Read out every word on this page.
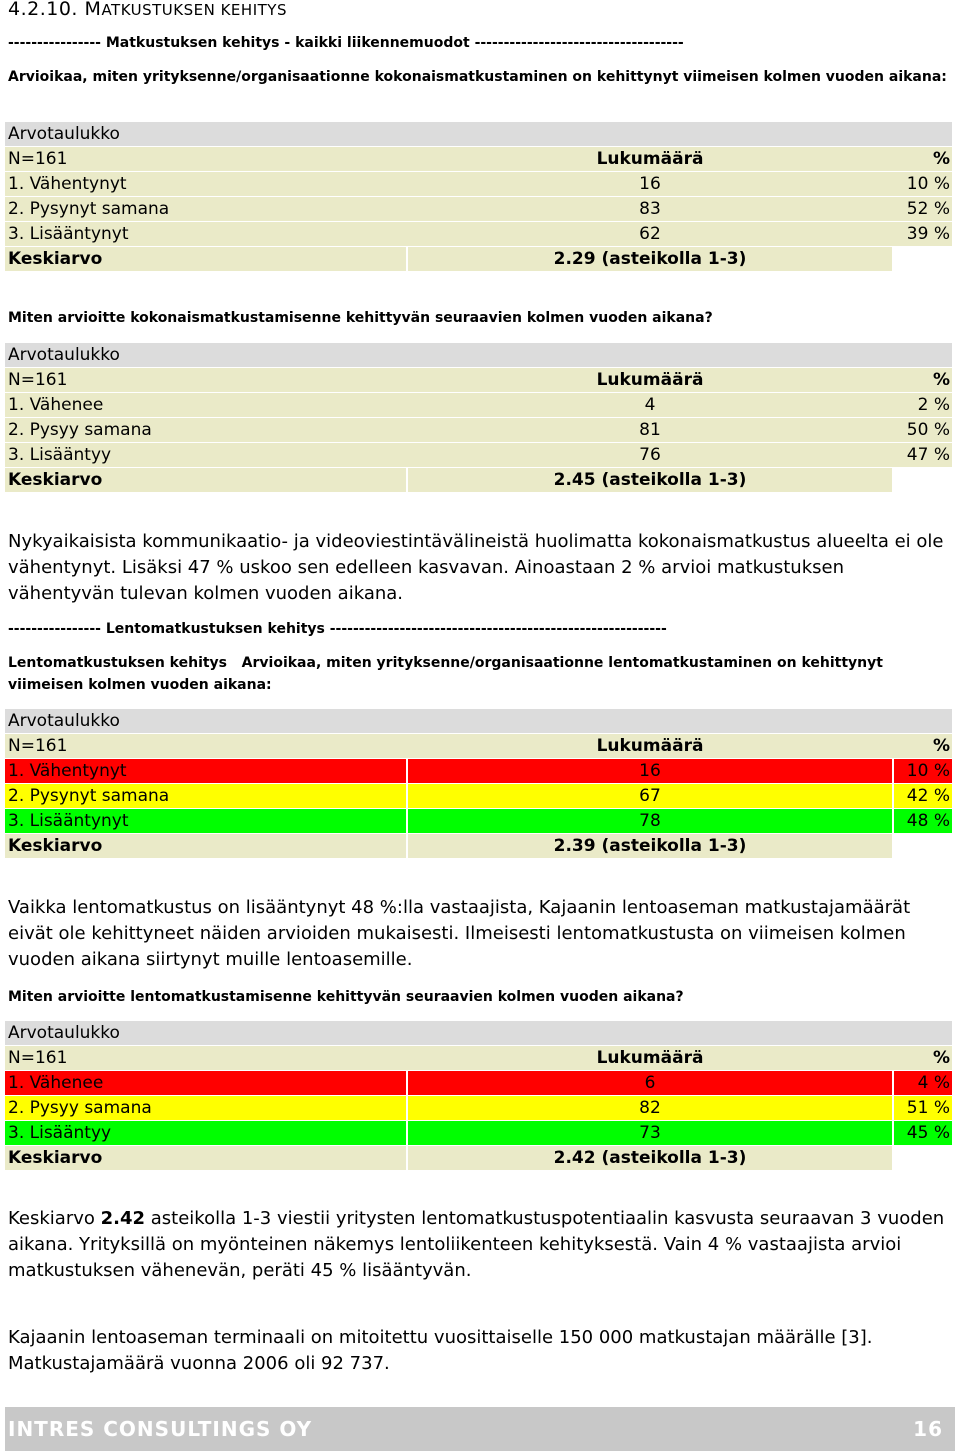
4.2.10. MATKUSTUKSEN KEHITYS
---------------- Matkustuksen kehitys - kaikki liikennemuodot ------------------------------------
Arvioikaa, miten yrityksenne/organisaationne kokonaismatkustaminen on kehittynyt viimeisen kolmen vuoden aikana:
Arvotaulukko
N=161	Lukumäärä	%
1. Vähentynyt	16	10 %
2. Pysynyt samana	83	52 %
3. Lisääntynyt	62	39 %
Keskiarvo	2.29 (asteikolla 1-3)
Miten arvioitte kokonaismatkustamisenne kehittyvän seuraavien kolmen vuoden aikana?
Arvotaulukko
N=161	Lukumäärä	%
1. Vähenee	4	2 %
2. Pysyy samana	81	50 %
3. Lisääntyy	76	47 %
Keskiarvo	2.45 (asteikolla 1-3)
Nykyaikaisista kommunikaatio- ja videoviestintävälineistä huolimatta kokonaismatkustus alueelta ei ole vähentynyt. Lisäksi 47 % uskoo sen edelleen kasvavan. Ainoastaan 2 % arvioi matkustuksen vähentyvän tulevan kolmen vuoden aikana.
---------------- Lentomatkustuksen kehitys ----------------------------------------------------------
Lentomatkustuksen kehitys Arvioikaa, miten yrityksenne/organisaationne lentomatkustaminen on kehittynyt viimeisen kolmen vuoden aikana:
Arvotaulukko
N=161	Lukumäärä	%
1. Vähentynyt	16	10 %
2. Pysynyt samana	67	42 %
3. Lisääntynyt	78	48 %
Keskiarvo	2.39 (asteikolla 1-3)
Vaikka lentomatkustus on lisääntynyt 48 %:lla vastaajista, Kajaanin lentoaseman matkustajamäärät eivät ole kehittyneet näiden arvioiden mukaisesti. Ilmeisesti lentomatkustusta on viimeisen kolmen vuoden aikana siirtynyt muille lentoasemille.
Miten arvioitte lentomatkustamisenne kehittyvän seuraavien kolmen vuoden aikana?
Arvotaulukko
N=161	Lukumäärä	%
1. Vähenee	6	4 %
2. Pysyy samana	82	51 %
3. Lisääntyy	73	45 %
Keskiarvo	2.42 (asteikolla 1-3)
Keskiarvo 2.42 asteikolla 1-3 viestii yritysten lentomatkustuspotentiaalin kasvusta seuraavan 3 vuoden aikana. Yrityksillä on myönteinen näkemys lentoliikenteen kehityksestä. Vain 4 % vastaajista arvioi matkustuksen vähenevän, peräti 45 % lisääntyvän.
Kajaanin lentoaseman terminaali on mitoitettu vuosittaiselle 150 000 matkustajan määrälle [3]. Matkustajamäärä vuonna 2006 oli 92 737.
INTRES CONSULTINGS OY	16
